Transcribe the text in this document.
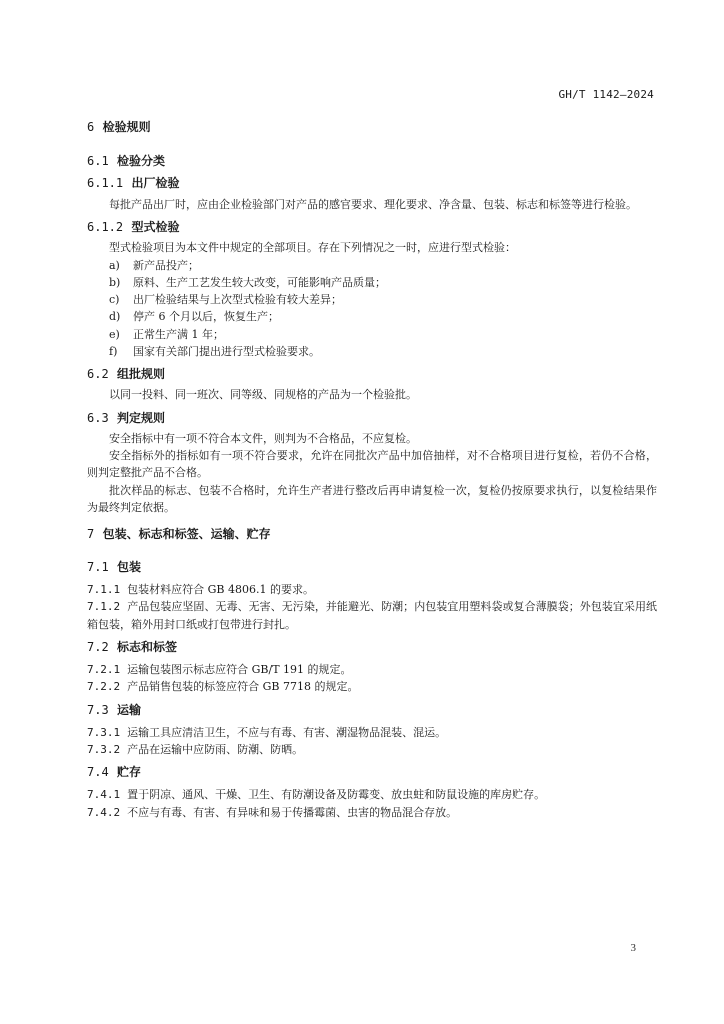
GH/T 1142—2024
6 检验规则
6.1 检验分类
6.1.1 出厂检验

每批产品出厂时，应由企业检验部门对产品的感官要求、理化要求、净含量、包装、标志和标签等进行检验。

6.1.2 型式检验

型式检验项目为本文件中规定的全部项目。存在下列情况之一时，应进行型式检验：

a) 新产品投产；
b) 原料、生产工艺发生较大改变，可能影响产品质量；
c) 出厂检验结果与上次型式检验有较大差异；
d) 停产 6 个月以后，恢复生产；
e) 正常生产满 1 年；
f) 国家有关部门提出进行型式检验要求。
6.2 组批规则

以同一投料、同一班次、同等级、同规格的产品为一个检验批。

6.3 判定规则

安全指标中有一项不符合本文件，则判为不合格品，不应复检。

安全指标外的指标如有一项不符合要求，允许在同批次产品中加倍抽样，对不合格项目进行复检，若仍不合格，则判定整批产品不合格。

批次样品的标志、包装不合格时，允许生产者进行整改后再申请复检一次，复检仍按原要求执行，以复检结果作为最终判定依据。

7 包装、标志和标签、运输、贮存
7.1 包装

7.1.1 包装材料应符合 GB 4806.1 的要求。

7.1.2 产品包装应坚固、无毒、无害、无污染，并能避光、防潮；内包装宜用塑料袋或复合薄膜袋；外包装宜采用纸箱包装，箱外用封口纸或打包带进行封扎。

7.2 标志和标签

7.2.1 运输包装图示标志应符合 GB/T 191 的规定。

7.2.2 产品销售包装的标签应符合 GB 7718 的规定。

7.3 运输

7.3.1 运输工具应清洁卫生，不应与有毒、有害、潮湿物品混装、混运。

7.3.2 产品在运输中应防雨、防潮、防晒。

7.4 贮存

7.4.1 置于阴凉、通风、干燥、卫生、有防潮设备及防霉变、放虫蛀和防鼠设施的库房贮存。

7.4.2 不应与有毒、有害、有异味和易于传播霉菌、虫害的物品混合存放。

3
